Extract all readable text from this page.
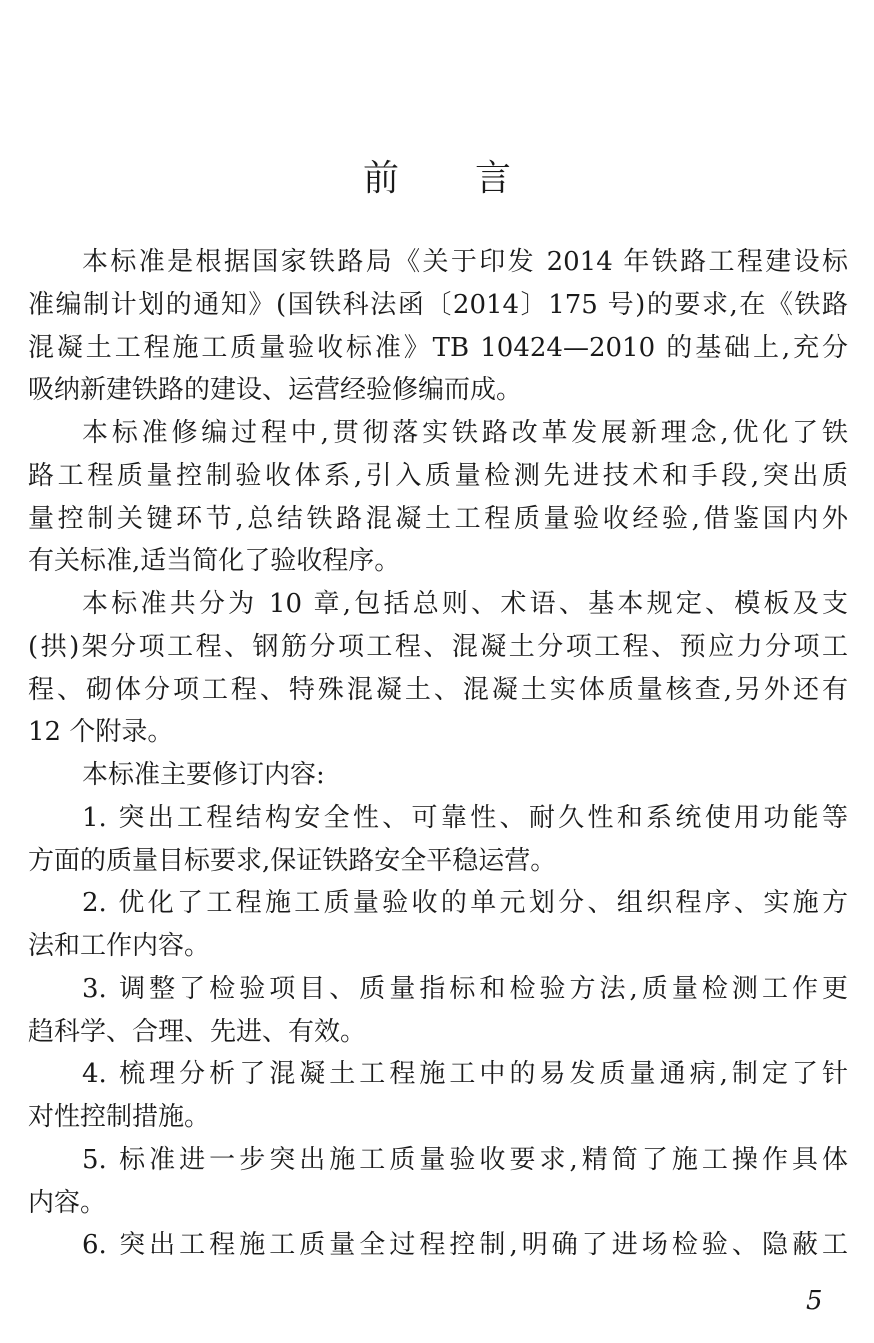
前 言
本标准是根据国家铁路局《关于印发 2014 年铁路工程建设标
准编制计划的通知》(国铁科法函〔2014〕175 号)的要求,在《铁路
混凝土工程施工质量验收标准》TB 10424—2010 的基础上,充分
吸纳新建铁路的建设、运营经验修编而成。
本标准修编过程中,贯彻落实铁路改革发展新理念,优化了铁
路工程质量控制验收体系,引入质量检测先进技术和手段,突出质
量控制关键环节,总结铁路混凝土工程质量验收经验,借鉴国内外
有关标准,适当简化了验收程序。
本标准共分为 10 章,包括总则、术语、基本规定、模板及支
(拱)架分项工程、钢筋分项工程、混凝土分项工程、预应力分项工
程、砌体分项工程、特殊混凝土、混凝土实体质量核查,另外还有
12 个附录。
本标准主要修订内容:
1. 突出工程结构安全性、可靠性、耐久性和系统使用功能等
方面的质量目标要求,保证铁路安全平稳运营。
2. 优化了工程施工质量验收的单元划分、组织程序、实施方
法和工作内容。
3. 调整了检验项目、质量指标和检验方法,质量检测工作更
趋科学、合理、先进、有效。
4. 梳理分析了混凝土工程施工中的易发质量通病,制定了针
对性控制措施。
5. 标准进一步突出施工质量验收要求,精简了施工操作具体
内容。
6. 突出工程施工质量全过程控制,明确了进场检验、隐蔽工
5
